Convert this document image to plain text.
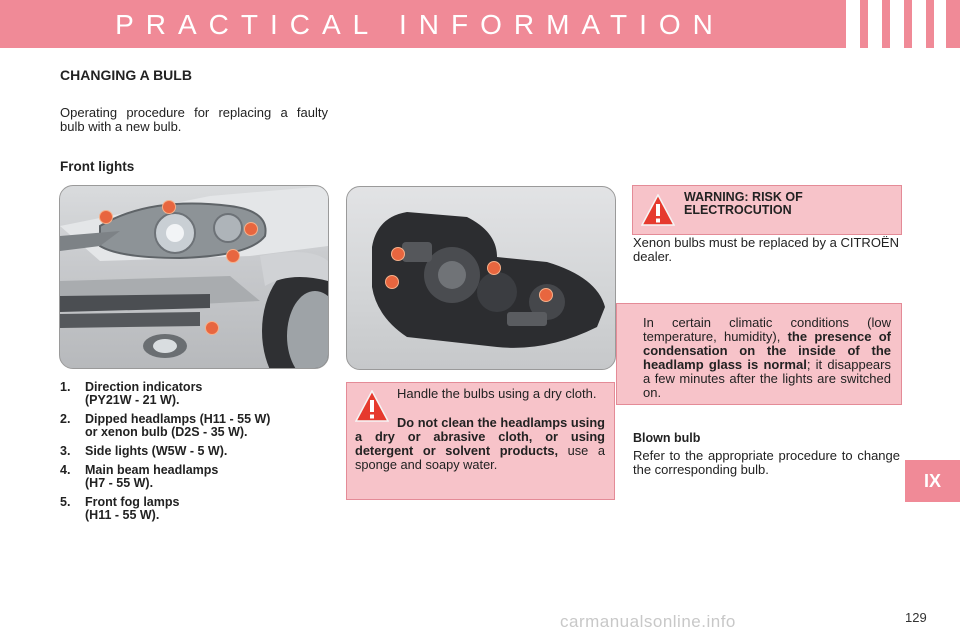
PRACTICAL INFORMATION
CHANGING A BULB
Operating procedure for replacing a faulty bulb with a new bulb.
Front lights
1. Direction indicators
(PY21W - 21 W).
2. Dipped headlamps (H11 - 55 W)
or xenon bulb (D2S - 35 W).
3. Side lights (W5W - 5 W).
4. Main beam headlamps
(H7 - 55 W).
5. Front fog lamps
(H11 - 55 W).
Handle the bulbs using a dry cloth.
Do not clean the headlamps using a dry or abrasive cloth, or using detergent or solvent products, use a sponge and soapy water.
WARNING: RISK OF ELECTROCUTION
Xenon bulbs must be replaced by a CITROËN dealer.
In certain climatic conditions (low temperature, humidity), the presence of condensation on the inside of the headlamp glass is normal; it disappears a few minutes after the lights are switched on.
Blown bulb
Refer to the appropriate procedure to change the corresponding bulb.
IX
carmanualsonline.info	129
